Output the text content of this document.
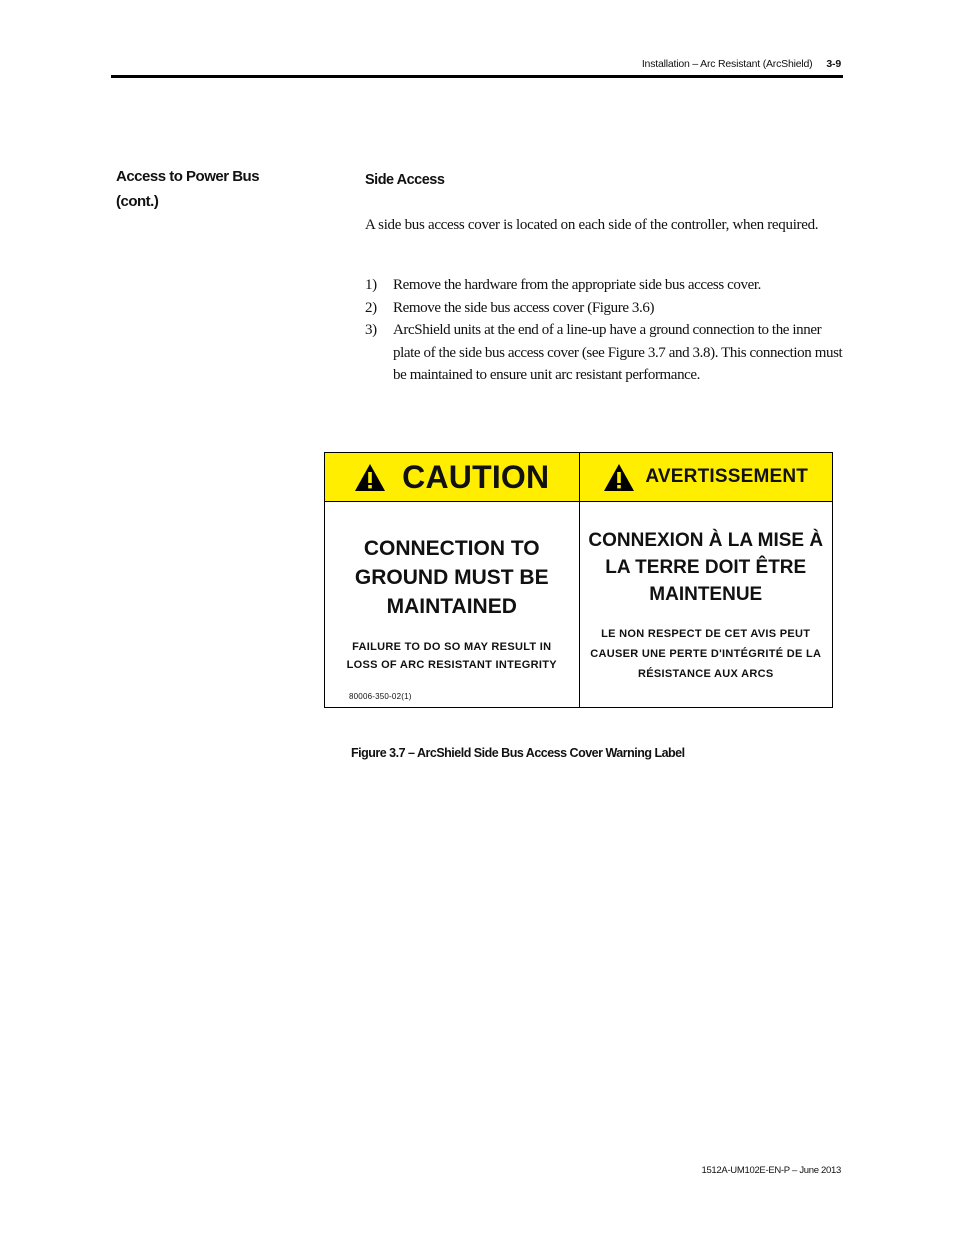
Installation – Arc Resistant (ArcShield) 3-9
Access to Power Bus
(cont.)
Side Access

A side bus access cover is located on each side of the controller, when required.

1)	Remove the hardware from the appropriate side bus access cover.
2)	Remove the side bus access cover (Figure 3.6)
3)	ArcShield units at the end of a line-up have a ground connection to the inner plate of the side bus access cover (see Figure 3.7 and 3.8). This connection must be maintained to ensure unit arc resistant performance.
CAUTION
CONNECTION TO
GROUND MUST BE
MAINTAINED
FAILURE TO DO SO MAY RESULT IN
LOSS OF ARC RESISTANT INTEGRITY
80006-350-02(1)
AVERTISSEMENT
CONNEXION À LA MISE À
LA TERRE DOIT ÊTRE
MAINTENUE
LE NON RESPECT DE CET AVIS PEUT
CAUSER UNE PERTE D'INTÉGRITÉ DE LA
RÉSISTANCE AUX ARCS
Figure 3.7 – ArcShield Side Bus Access Cover Warning Label
1512A-UM102E-EN-P – June 2013
